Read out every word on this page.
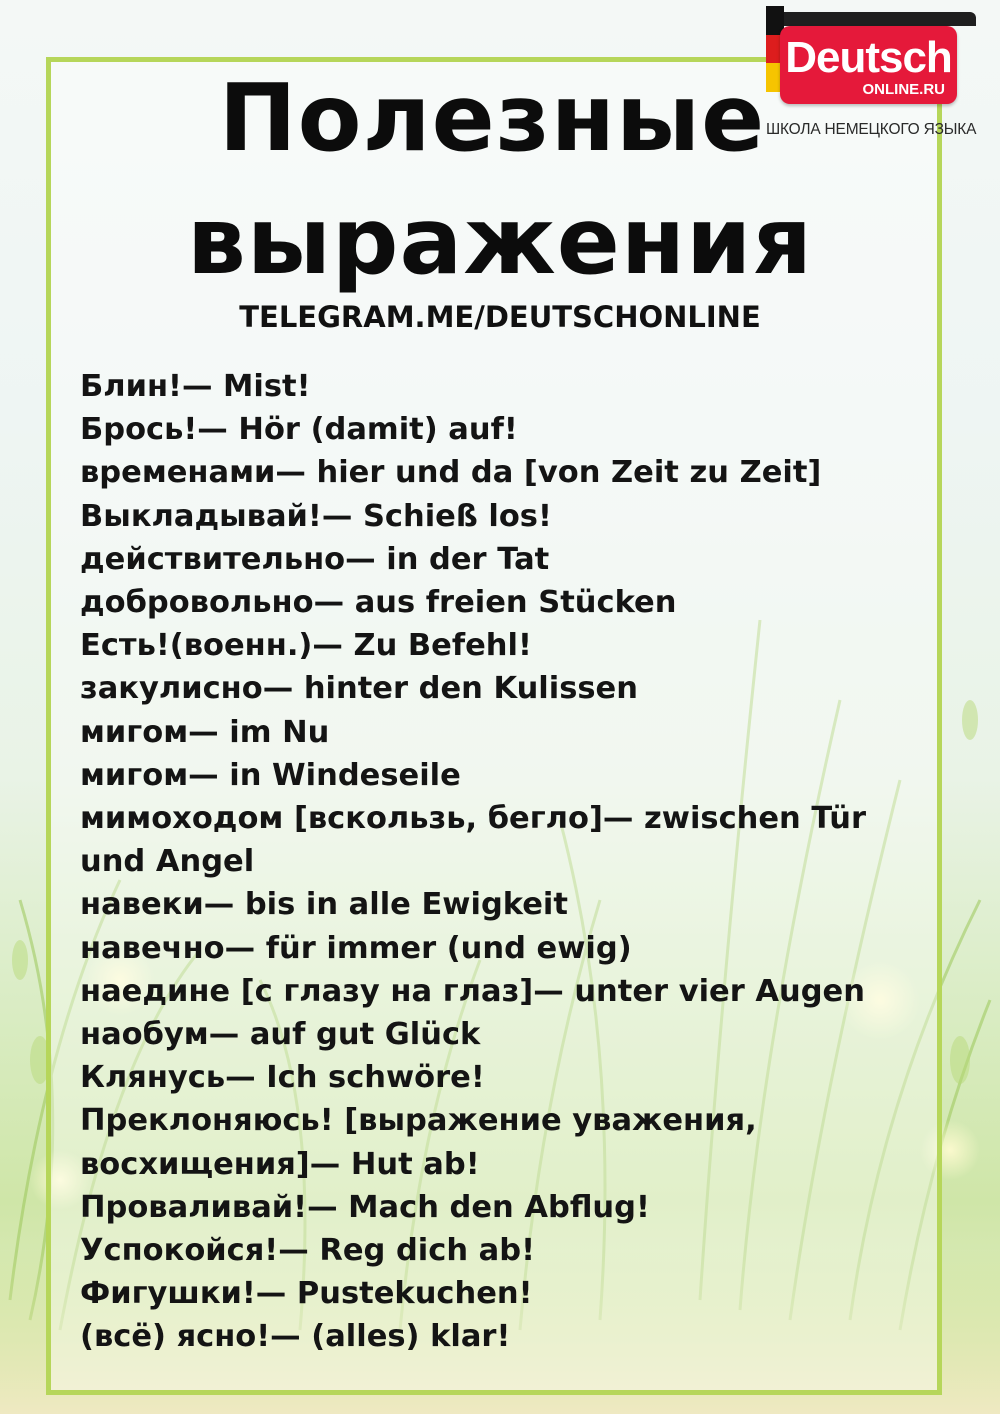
Deutsch
ONLINE.RU
ШКОЛА НЕМЕЦКОГО ЯЗЫКА
Полезные
выражения
TELEGRAM.ME/DEUTSCHONLINE
Блин!— Mist!
Брось!— Hör (damit) auf!
временами— hier und da [von Zeit zu Zeit]
Выкладывай!— Schieß los!
действительно— in der Tat
добровольно— aus freien Stücken
Есть!(военн.)— Zu Befehl!
закулисно— hinter den Kulissen
мигом— im Nu
мигом— in Windeseile
мимоходом [вскользь, бегло]— zwischen Tür und Angel
навеки— bis in alle Ewigkeit
навечно— für immer (und ewig)
наедине [с глазу на глаз]— unter vier Augen
наобум— auf gut Glück
Клянусь— Ich schwöre!
Преклоняюсь! [выражение уважения, восхищения]— Hut ab!
Проваливай!— Mach den Abflug!
Успокойся!— Reg dich ab!
Фигушки!— Pustekuchen!
(всё) ясно!— (alles) klar!
